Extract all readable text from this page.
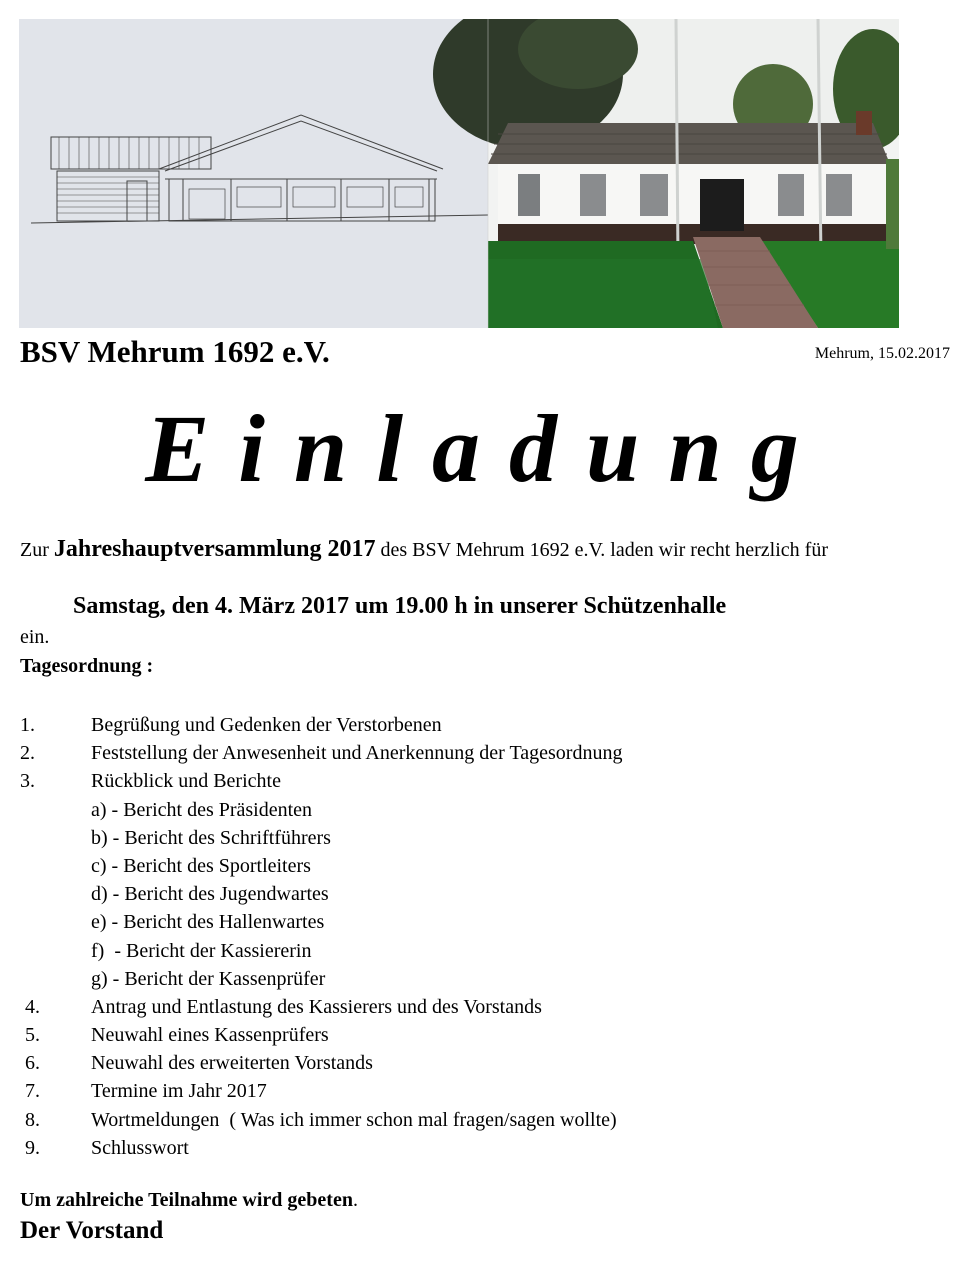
BSV Mehrum 1692 e.V.	Mehrum, 15.02.2017
Einladung
Zur Jahreshauptversammlung 2017 des BSV Mehrum 1692 e.V. laden wir recht herzlich für
Samstag, den 4. März 2017 um 19.00 h in unserer Schützenhalle
ein.
Tagesordnung :
1.	Begrüßung und Gedenken der Verstorbenen
2.	Feststellung der Anwesenheit und Anerkennung der Tagesordnung
3.	Rückblick und Berichte
a) - Bericht des Präsidenten
b) - Bericht des Schriftführers
c) - Bericht des Sportleiters
d) - Bericht des Jugendwartes
e) - Bericht des Hallenwartes
f)  - Bericht der Kassiererin
g) - Bericht der Kassenprüfer
4.	Antrag und Entlastung des Kassierers und des Vorstands
5.	Neuwahl eines Kassenprüfers
6.	Neuwahl des erweiterten Vorstands
7.	Termine im Jahr 2017
8.	Wortmeldungen  ( Was ich immer schon mal fragen/sagen wollte)
9.	Schlusswort
Um zahlreiche Teilnahme wird gebeten.
Der Vorstand
